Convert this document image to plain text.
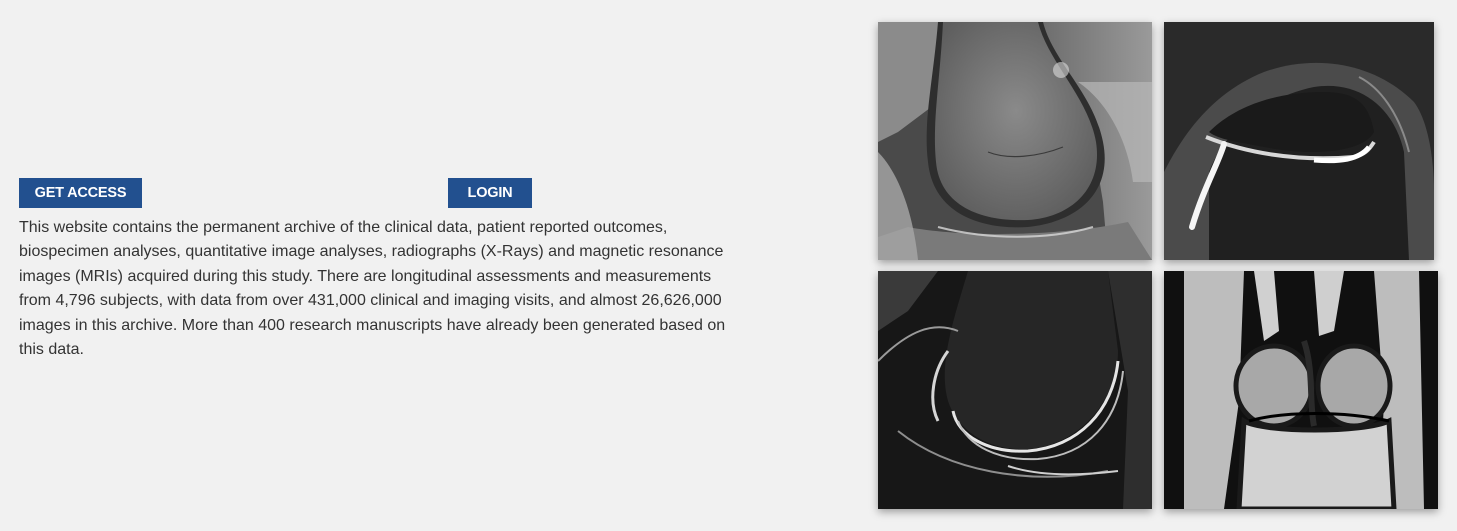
GET ACCESS	LOGIN

This website contains the permanent archive of the clinical data, patient reported outcomes, biospecimen analyses, quantitative image analyses, radiographs (X-Rays) and magnetic resonance images (MRIs) acquired during this study. There are longitudinal assessments and measurements from 4,796 subjects, with data from over 431,000 clinical and imaging visits, and almost 26,626,000 images in this archive. More than 400 research manuscripts have already been generated based on this data.
